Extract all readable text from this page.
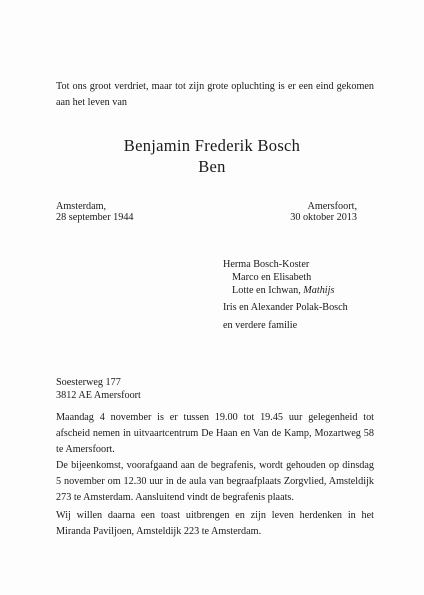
Tot ons groot verdriet, maar tot zijn grote opluchting is er een eind gekomen aan het leven van
Benjamin Frederik Bosch
Ben
Amsterdam,
28 september 1944
Amersfoort,
30 oktober 2013
Herma Bosch-Koster
Marco en Elisabeth
Lotte en Ichwan, Mathijs
Iris en Alexander Polak-Bosch
en verdere familie
Soesterweg 177
3812 AE Amersfoort
Maandag 4 november is er tussen 19.00 tot 19.45 uur gelegenheid tot afscheid nemen in uitvaartcentrum De Haan en Van de Kamp, Mozartweg 58 te Amersfoort.
De bijeenkomst, voorafgaand aan de begrafenis, wordt gehouden op dinsdag 5 november om 12.30 uur in de aula van begraafplaats Zorgvlied, Amsteldijk 273 te Amsterdam. Aansluitend vindt de begrafenis plaats.
Wij willen daarna een toast uitbrengen en zijn leven herdenken in het Miranda Paviljoen, Amsteldijk 223 te Amsterdam.
